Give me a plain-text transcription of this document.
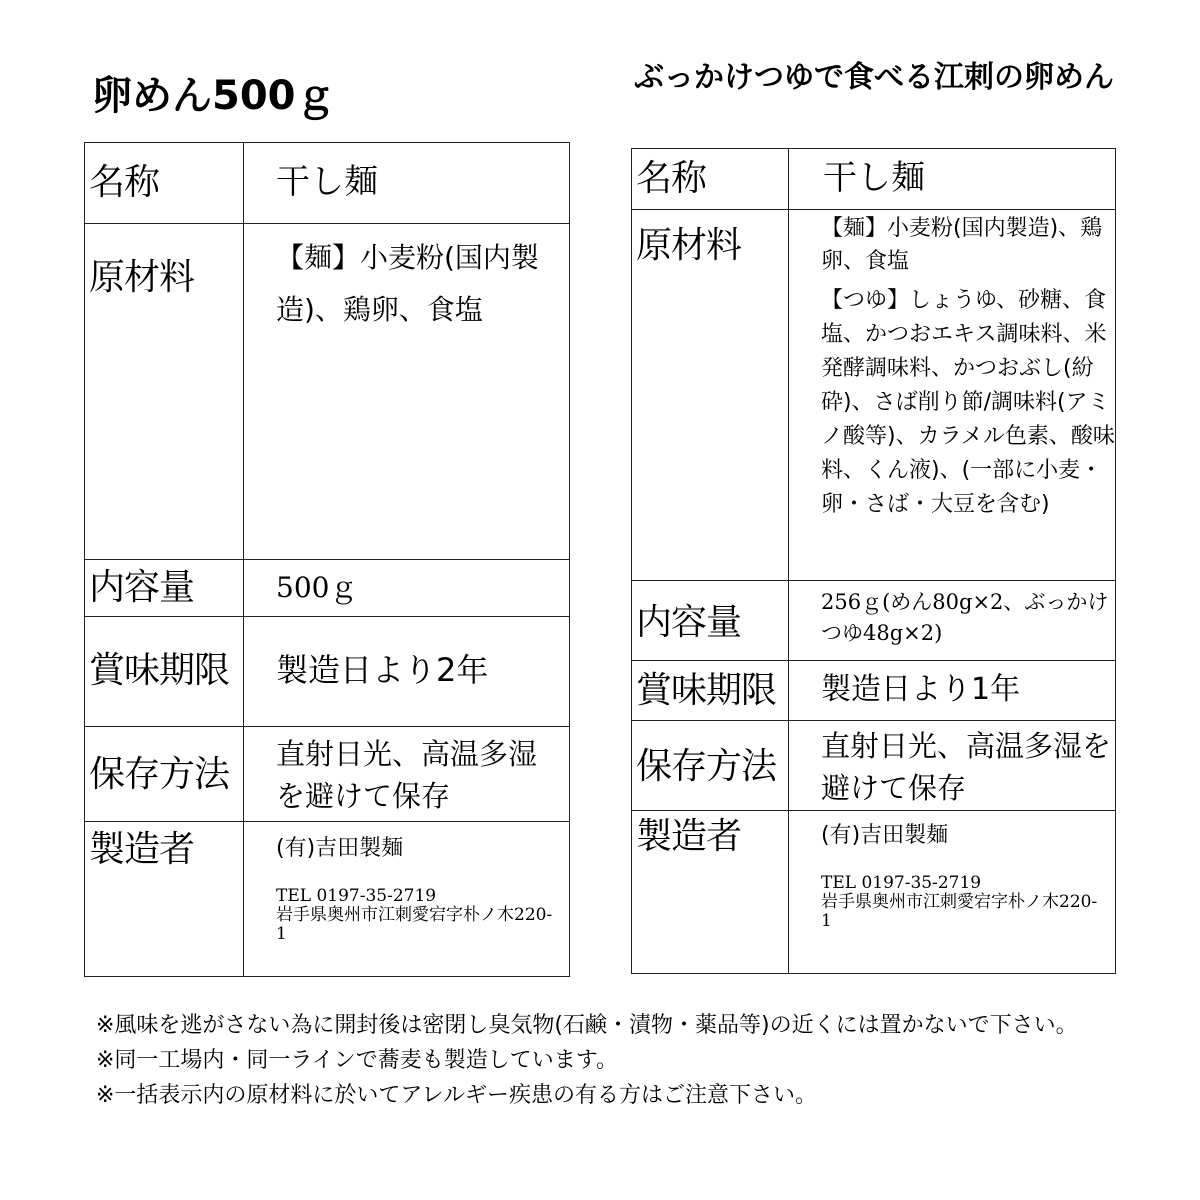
卵めん500ｇ	ぶっかけつゆで食べる江刺の卵めん
名称	干し麺

原材料	【麺】小麦粉(国内製造)、鶏卵、食塩

内容量	500ｇ

賞味期限	製造日より2年

保存方法	直射日光、高温多湿を避けて保存

製造者	(有)吉田製麺
TEL 0197-35-2719
岩手県奥州市江刺愛宕字朴ノ木220-1
名称	干し麺

原材料	【麺】小麦粉(国内製造)、鶏卵、食塩
【つゆ】しょうゆ、砂糖、食塩、かつおエキス調味料、米発酵調味料、かつおぶし(紛砕)、さば削り節/調味料(アミノ酸等)、カラメル色素、酸味料、くん液)、(一部に小麦・卵・さば・大豆を含む)

内容量	256ｇ(めん80g×2、ぶっかけつゆ48g×2)

賞味期限	製造日より1年

保存方法	直射日光、高温多湿を避けて保存

製造者	(有)吉田製麺
TEL 0197-35-2719
岩手県奥州市江刺愛宕字朴ノ木220-1

※風味を逃がさない為に開封後は密閉し臭気物(石鹸・漬物・薬品等)の近くには置かないで下さい。

※同一工場内・同一ラインで蕎麦も製造しています。

※一括表示内の原材料に於いてアレルギー疾患の有る方はご注意下さい。
